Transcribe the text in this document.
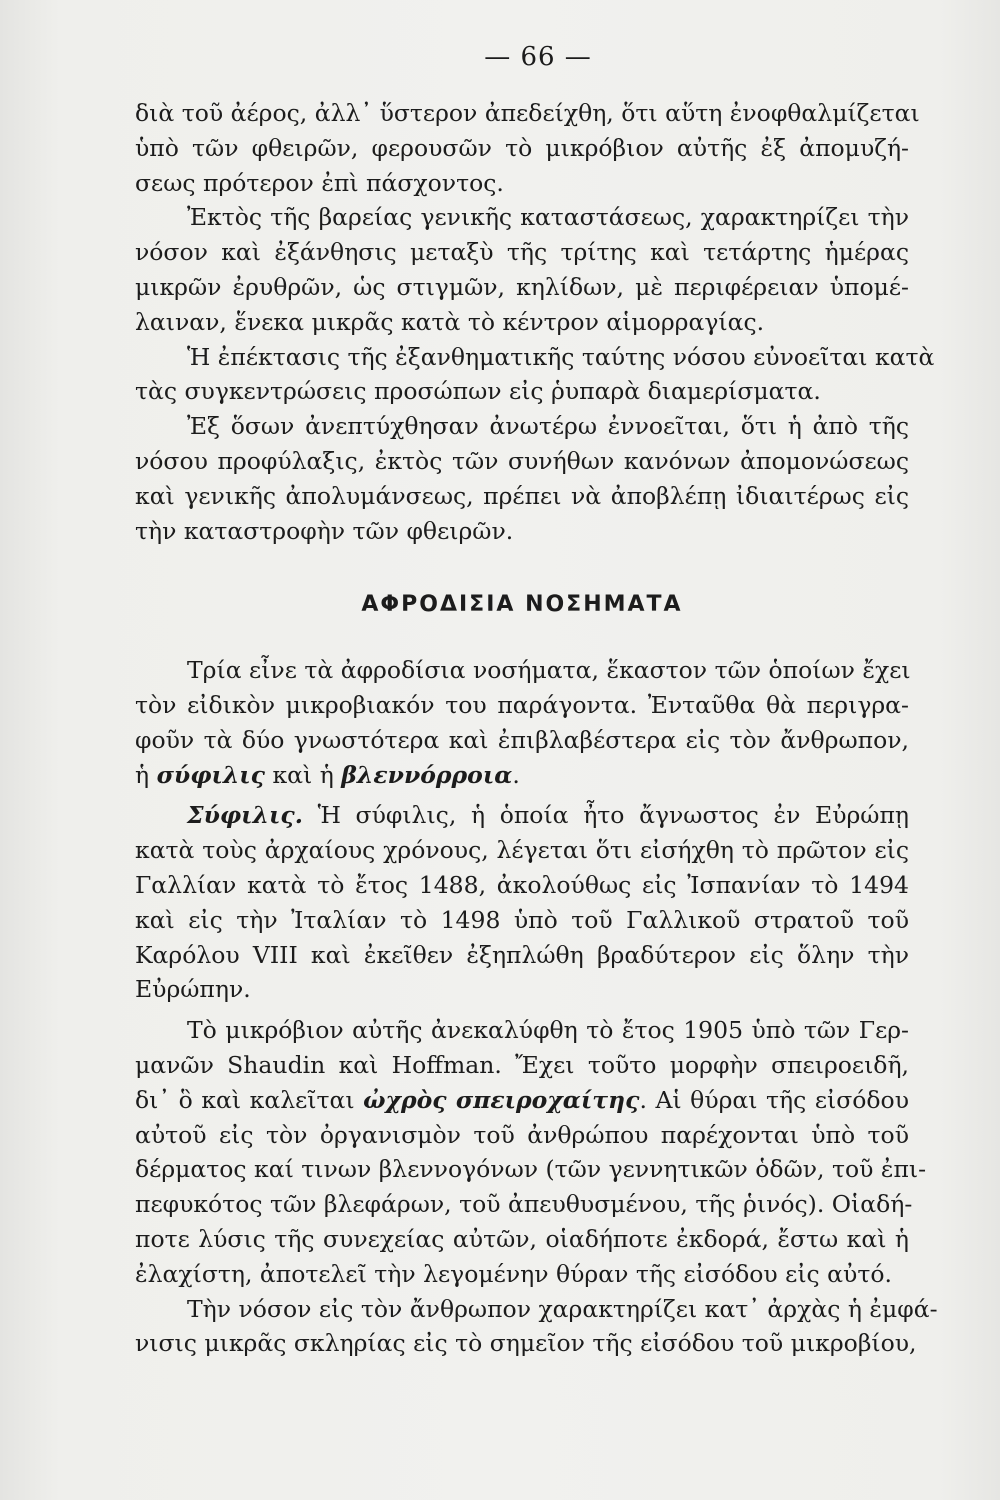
— 66 —
διὰ τοῦ ἀέρος, ἀλλ᾽ ὕστερον ἀπεδείχθη, ὅτι αὕτη ἐνοφθαλμίζεται
ὑπὸ τῶν φθειρῶν, φερουσῶν τὸ μικρόβιον αὐτῆς ἐξ ἀπομυζή-
σεως πρότερον ἐπὶ πάσχοντος.
Ἐκτὸς τῆς βαρείας γενικῆς καταστάσεως, χαρακτηρίζει τὴν
νόσον καὶ ἐξάνθησις μεταξὺ τῆς τρίτης καὶ τετάρτης ἡμέρας
μικρῶν ἐρυθρῶν, ὡς στιγμῶν, κηλίδων, μὲ περιφέρειαν ὑπομέ-
λαιναν, ἕνεκα μικρᾶς κατὰ τὸ κέντρον αἱμορραγίας.
Ἡ ἐπέκτασις τῆς ἐξανθηματικῆς ταύτης νόσου εὐνοεῖται κατὰ
τὰς συγκεντρώσεις προσώπων εἰς ῥυπαρὰ διαμερίσματα.
Ἐξ ὅσων ἀνεπτύχθησαν ἀνωτέρω ἐννοεῖται, ὅτι ἡ ἀπὸ τῆς
νόσου προφύλαξις, ἐκτὸς τῶν συνήθων κανόνων ἀπομονώσεως
καὶ γενικῆς ἀπολυμάνσεως, πρέπει νὰ ἀποβλέπῃ ἰδιαιτέρως εἰς
τὴν καταστροφὴν τῶν φθειρῶν.
ΑΦΡΟΔΙΣΙΑ ΝΟΣΗΜΑΤΑ
Τρία εἶνε τὰ ἀφροδίσια νοσήματα, ἕκαστον τῶν ὁποίων ἔχει
τὸν εἰδικὸν μικροβιακόν του παράγοντα. Ἐνταῦθα θὰ περιγρα-
φοῦν τὰ δύο γνωστότερα καὶ ἐπιβλαβέστερα εἰς τὸν ἄνθρωπον,
ἡ σύφιλις καὶ ἡ βλεννόρροια.
Σύφιλις. Ἡ σύφιλις, ἡ ὁποία ἦτο ἄγνωστος ἐν Εὐρώπῃ
κατὰ τοὺς ἀρχαίους χρόνους, λέγεται ὅτι εἰσήχθη τὸ πρῶτον εἰς
Γαλλίαν κατὰ τὸ ἔτος 1488, ἀκολούθως εἰς Ἰσπανίαν τὸ 1494
καὶ εἰς τὴν Ἰταλίαν τὸ 1498 ὑπὸ τοῦ Γαλλικοῦ στρατοῦ τοῦ
Καρόλου VIII καὶ ἐκεῖθεν ἐξηπλώθη βραδύτερον εἰς ὅλην τὴν
Εὐρώπην.
Τὸ μικρόβιον αὐτῆς ἀνεκαλύφθη τὸ ἔτος 1905 ὑπὸ τῶν Γερ-
μανῶν Shaudin καὶ Hoffman. Ἔχει τοῦτο μορφὴν σπειροειδῆ,
δι᾽ ὃ καὶ καλεῖται ὠχρὸς σπειροχαίτης. Αἱ θύραι τῆς εἰσόδου
αὐτοῦ εἰς τὸν ὀργανισμὸν τοῦ ἀνθρώπου παρέχονται ὑπὸ τοῦ
δέρματος καί τινων βλεννογόνων (τῶν γεννητικῶν ὁδῶν, τοῦ ἐπι-
πεφυκότος τῶν βλεφάρων, τοῦ ἀπευθυσμένου, τῆς ῥινός). Οἱαδή-
ποτε λύσις τῆς συνεχείας αὐτῶν, οἱαδήποτε ἐκδορά, ἔστω καὶ ἡ
ἐλαχίστη, ἀποτελεῖ τὴν λεγομένην θύραν τῆς εἰσόδου εἰς αὐτό.
Τὴν νόσον εἰς τὸν ἄνθρωπον χαρακτηρίζει κατ᾽ ἀρχὰς ἡ ἐμφά-
νισις μικρᾶς σκληρίας εἰς τὸ σημεῖον τῆς εἰσόδου τοῦ μικροβίου,
